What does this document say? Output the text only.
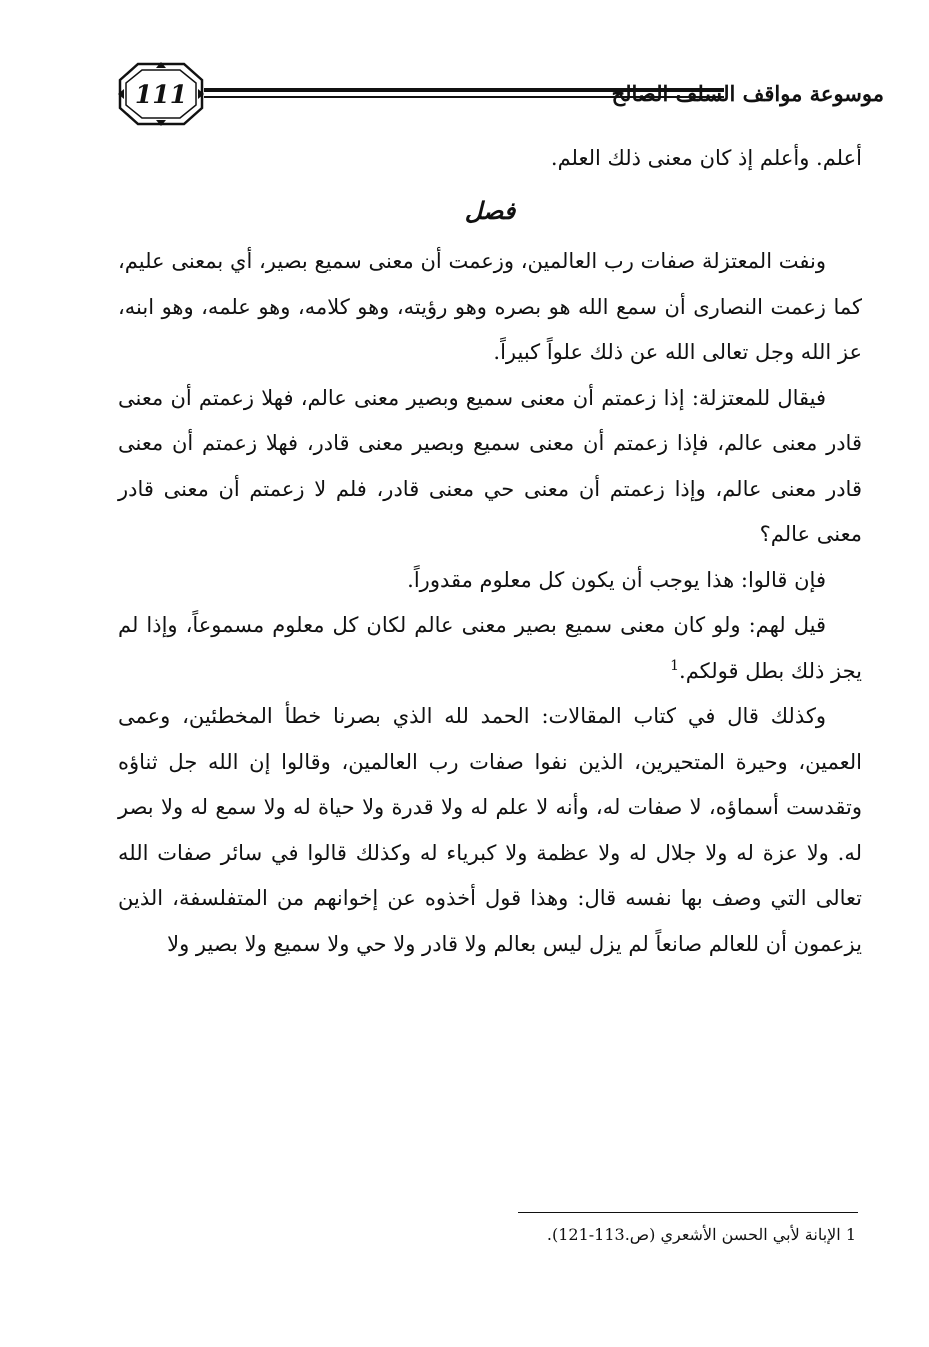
111	موسوعة مواقف السلف الصالح

أعلم. وأعلم إذ كان معنى ذلك العلم.

فصل

ونفت المعتزلة صفات رب العالمين، وزعمت أن معنى سميع بصير، أي بمعنى عليم، كما زعمت النصارى أن سمع الله هو بصره وهو رؤيته، وهو كلامه، وهو علمه، وهو ابنه، عز الله وجل تعالى الله عن ذلك علواً كبيراً.

فيقال للمعتزلة: إذا زعمتم أن معنى سميع وبصير معنى عالم، فهلا زعمتم أن معنى قادر معنى عالم، فإذا زعمتم أن معنى سميع وبصير معنى قادر، فهلا زعمتم أن معنى قادر معنى عالم، وإذا زعمتم أن معنى حي معنى قادر، فلم لا زعمتم أن معنى قادر معنى عالم؟

فإن قالوا: هذا يوجب أن يكون كل معلوم مقدوراً.

قيل لهم: ولو كان معنى سميع بصير معنى عالم لكان كل معلوم مسموعاً، وإذا لم يجز ذلك بطل قولكم.$^1$

وكذلك قال في كتاب المقالات: الحمد لله الذي بصرنا خطأ المخطئين، وعمى العمين، وحيرة المتحيرين، الذين نفوا صفات رب العالمين، وقالوا إن الله جل ثناؤه وتقدست أسماؤه، لا صفات له، وأنه لا علم له ولا قدرة ولا حياة له ولا سمع له ولا بصر له. ولا عزة له ولا جلال له ولا عظمة ولا كبرياء له وكذلك قالوا في سائر صفات الله تعالى التي وصف بها نفسه قال: وهذا قول أخذوه عن إخوانهم من المتفلسفة، الذين يزعمون أن للعالم صانعاً لم يزل ليس بعالم ولا قادر ولا حي ولا سميع ولا بصير ولا

1 الإبانة لأبي الحسن الأشعري (ص.113-121).
